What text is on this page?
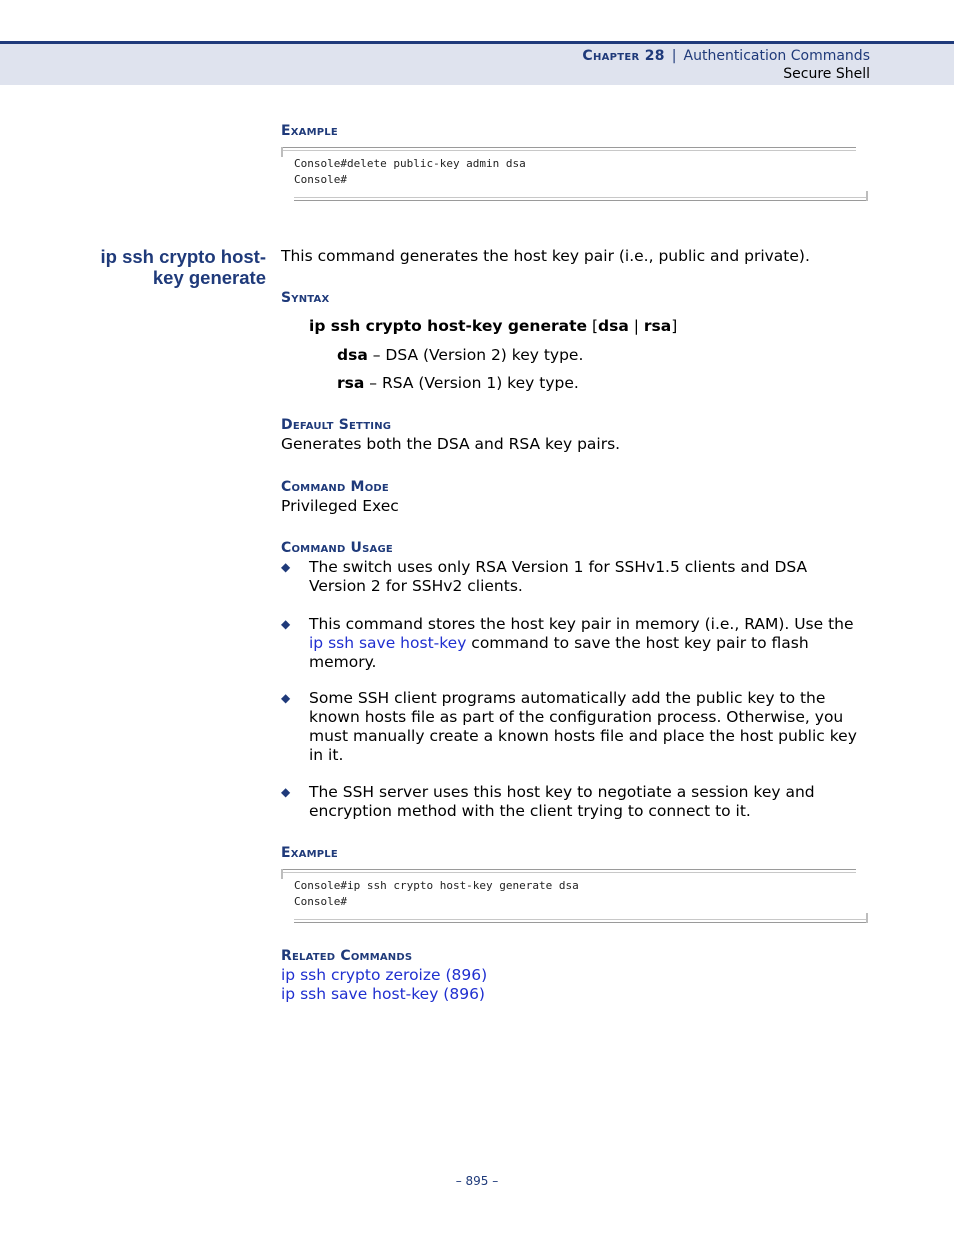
Chapter 28 | Authentication Commands
Secure Shell
Example
Console#delete public-key admin dsa
Console#
ip ssh crypto host-
key generate
This command generates the host key pair (i.e., public and private).
Syntax
ip ssh crypto host-key generate [dsa | rsa]
dsa – DSA (Version 2) key type.
rsa – RSA (Version 1) key type.
Default Setting
Generates both the DSA and RSA key pairs.
Command Mode
Privileged Exec
Command Usage
◆ The switch uses only RSA Version 1 for SSHv1.5 clients and DSA
Version 2 for SSHv2 clients.
◆ This command stores the host key pair in memory (i.e., RAM). Use the
ip ssh save host-key command to save the host key pair to flash
memory.
◆ Some SSH client programs automatically add the public key to the
known hosts file as part of the configuration process. Otherwise, you
must manually create a known hosts file and place the host public key
in it.
◆ The SSH server uses this host key to negotiate a session key and
encryption method with the client trying to connect to it.
Example
Console#ip ssh crypto host-key generate dsa
Console#
Related Commands
ip ssh crypto zeroize (896)
ip ssh save host-key (896)
– 895 –
